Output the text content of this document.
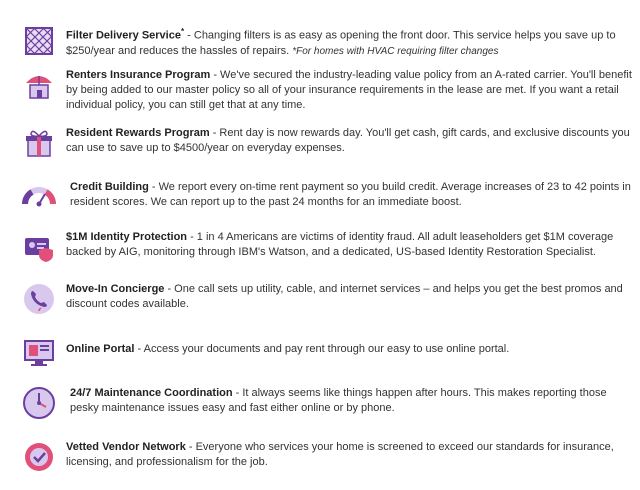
Filter Delivery Service* - Changing filters is as easy as opening the front door. This service helps you save up to $250/year and reduces the hassles of repairs. *For homes with HVAC requiring filter changes
Renters Insurance Program - We've secured the industry-leading value policy from an A-rated carrier. You'll benefit by being added to our master policy so all of your insurance requirements in the lease are met. If you want a retail individual policy, you can still get that at any time.
Resident Rewards Program - Rent day is now rewards day. You'll get cash, gift cards, and exclusive discounts you can use to save up to $4500/year on everyday expenses.
Credit Building - We report every on-time rent payment so you build credit. Average increases of 23 to 42 points in resident scores. We can report up to the past 24 months for an immediate boost.
$1M Identity Protection - 1 in 4 Americans are victims of identity fraud. All adult leaseholders get $1M coverage backed by AIG, monitoring through IBM's Watson, and a dedicated, US-based Identity Restoration Specialist.
Move-In Concierge - One call sets up utility, cable, and internet services – and helps you get the best promos and discount codes available.
Online Portal - Access your documents and pay rent through our easy to use online portal.
24/7 Maintenance Coordination - It always seems like things happen after hours. This makes reporting those pesky maintenance issues easy and fast either online or by phone.
Vetted Vendor Network - Everyone who services your home is screened to exceed our standards for insurance, licensing, and professionalism for the job.
